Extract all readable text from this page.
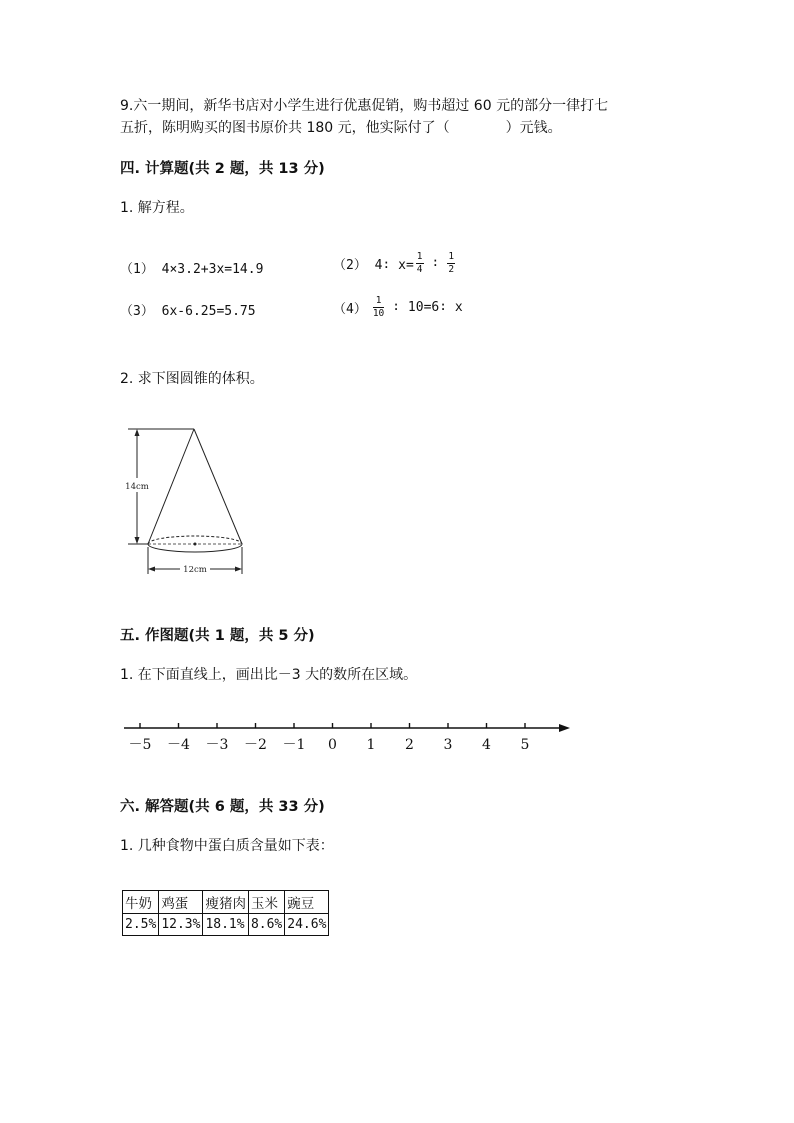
9.六一期间，新华书店对小学生进行优惠促销，购书超过 60 元的部分一律打七
五折，陈明购买的图书原价共 180 元，他实际付了（	）元钱。
四. 计算题(共 2 题，共 13 分)
1. 解方程。
（1） 4×3.2+3x=14.9	（2） 4∶ $x= \frac{1}{4}$ ∶ $\frac{1}{2}$
（3） 6x-6.25=5.75	$(4) \frac{1}{10}$ ∶ 10=6∶ x
2. 求下图圆锥的体积。
14cm
12cm
五. 作图题(共 1 题，共 5 分)
1. 在下面直线上，画出比－3 大的数所在区域。
－5 －4 －3 －2 －1 0 1 2 3 4 5
六. 解答题(共 6 题，共 33 分)
1. 几种食物中蛋白质含量如下表：
牛奶	鸡蛋	瘦猪肉	玉米	豌豆
2.5%	12.3%	18.1%	8.6%	24.6%
